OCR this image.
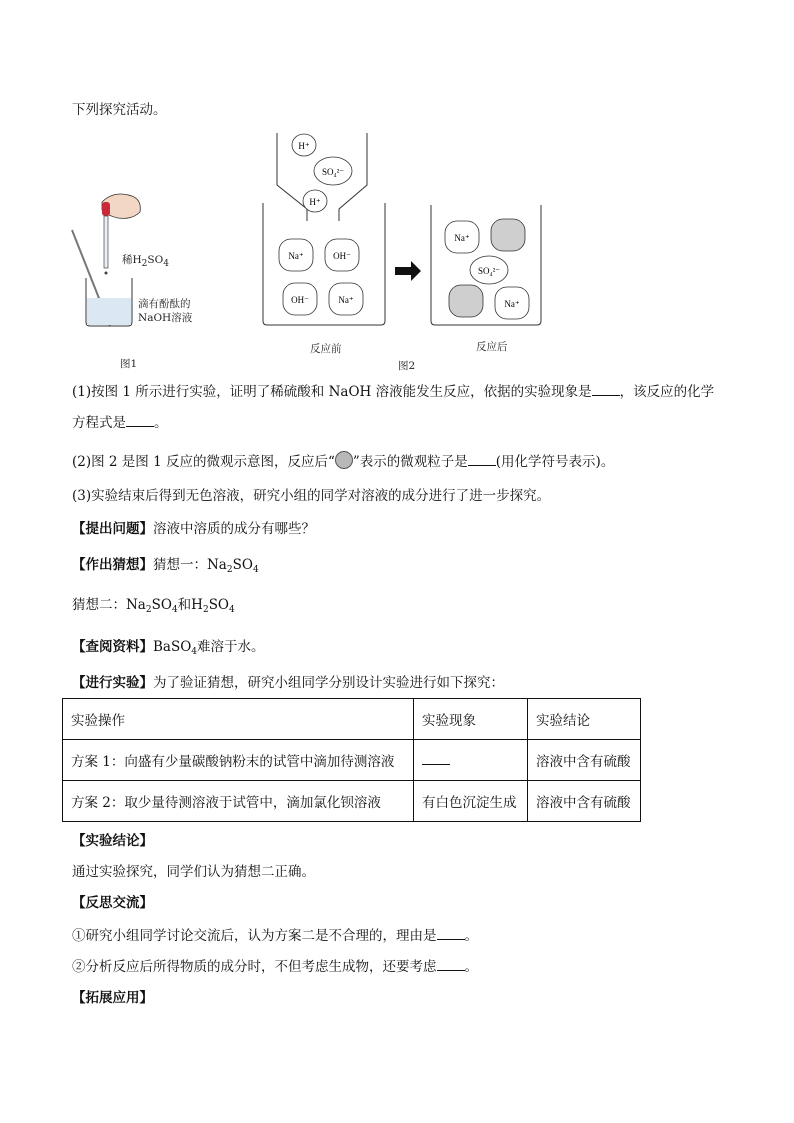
下列探究活动。
稀H2SO4
滴有酚酞的
NaOH溶液
图1
H⁺
SO₄²⁻
H⁺
Na⁺	OH⁻
OH⁻	Na⁺
Na⁺
SO₄²⁻
Na⁺
反应前	反应后
图2
(1)按图 1 所示进行实验，证明了稀硫酸和 NaOH 溶液能发生反应，依据的实验现象是 ，该反应的化学
方程式是 。
(2)图 2 是图 1 反应的微观示意图，反应后“ ”表示的微观粒子是 (用化学符号表示)。
(3)实验结束后得到无色溶液，研究小组的同学对溶液的成分进行了进一步探究。
【提出问题】溶液中溶质的成分有哪些？
【作出猜想】猜想一：$Na_2SO_4$
猜想二：$Na_2SO_4$和$H_2SO_4$
【查阅资料】BaSO$_4$难溶于水。
【进行实验】为了验证猜想，研究小组同学分别设计实验进行如下探究：
实验操作	实验现象	实验结论
方案 1：向盛有少量碳酸钠粉末的试管中滴加待测溶液		溶液中含有硫酸
方案 2：取少量待测溶液于试管中，滴加氯化钡溶液	有白色沉淀生成	溶液中含有硫酸
【实验结论】
通过实验探究，同学们认为猜想二正确。
【反思交流】
①研究小组同学讨论交流后，认为方案二是不合理的，理由是 。
②分析反应后所得物质的成分时，不但考虑生成物，还要考虑 。
【拓展应用】
